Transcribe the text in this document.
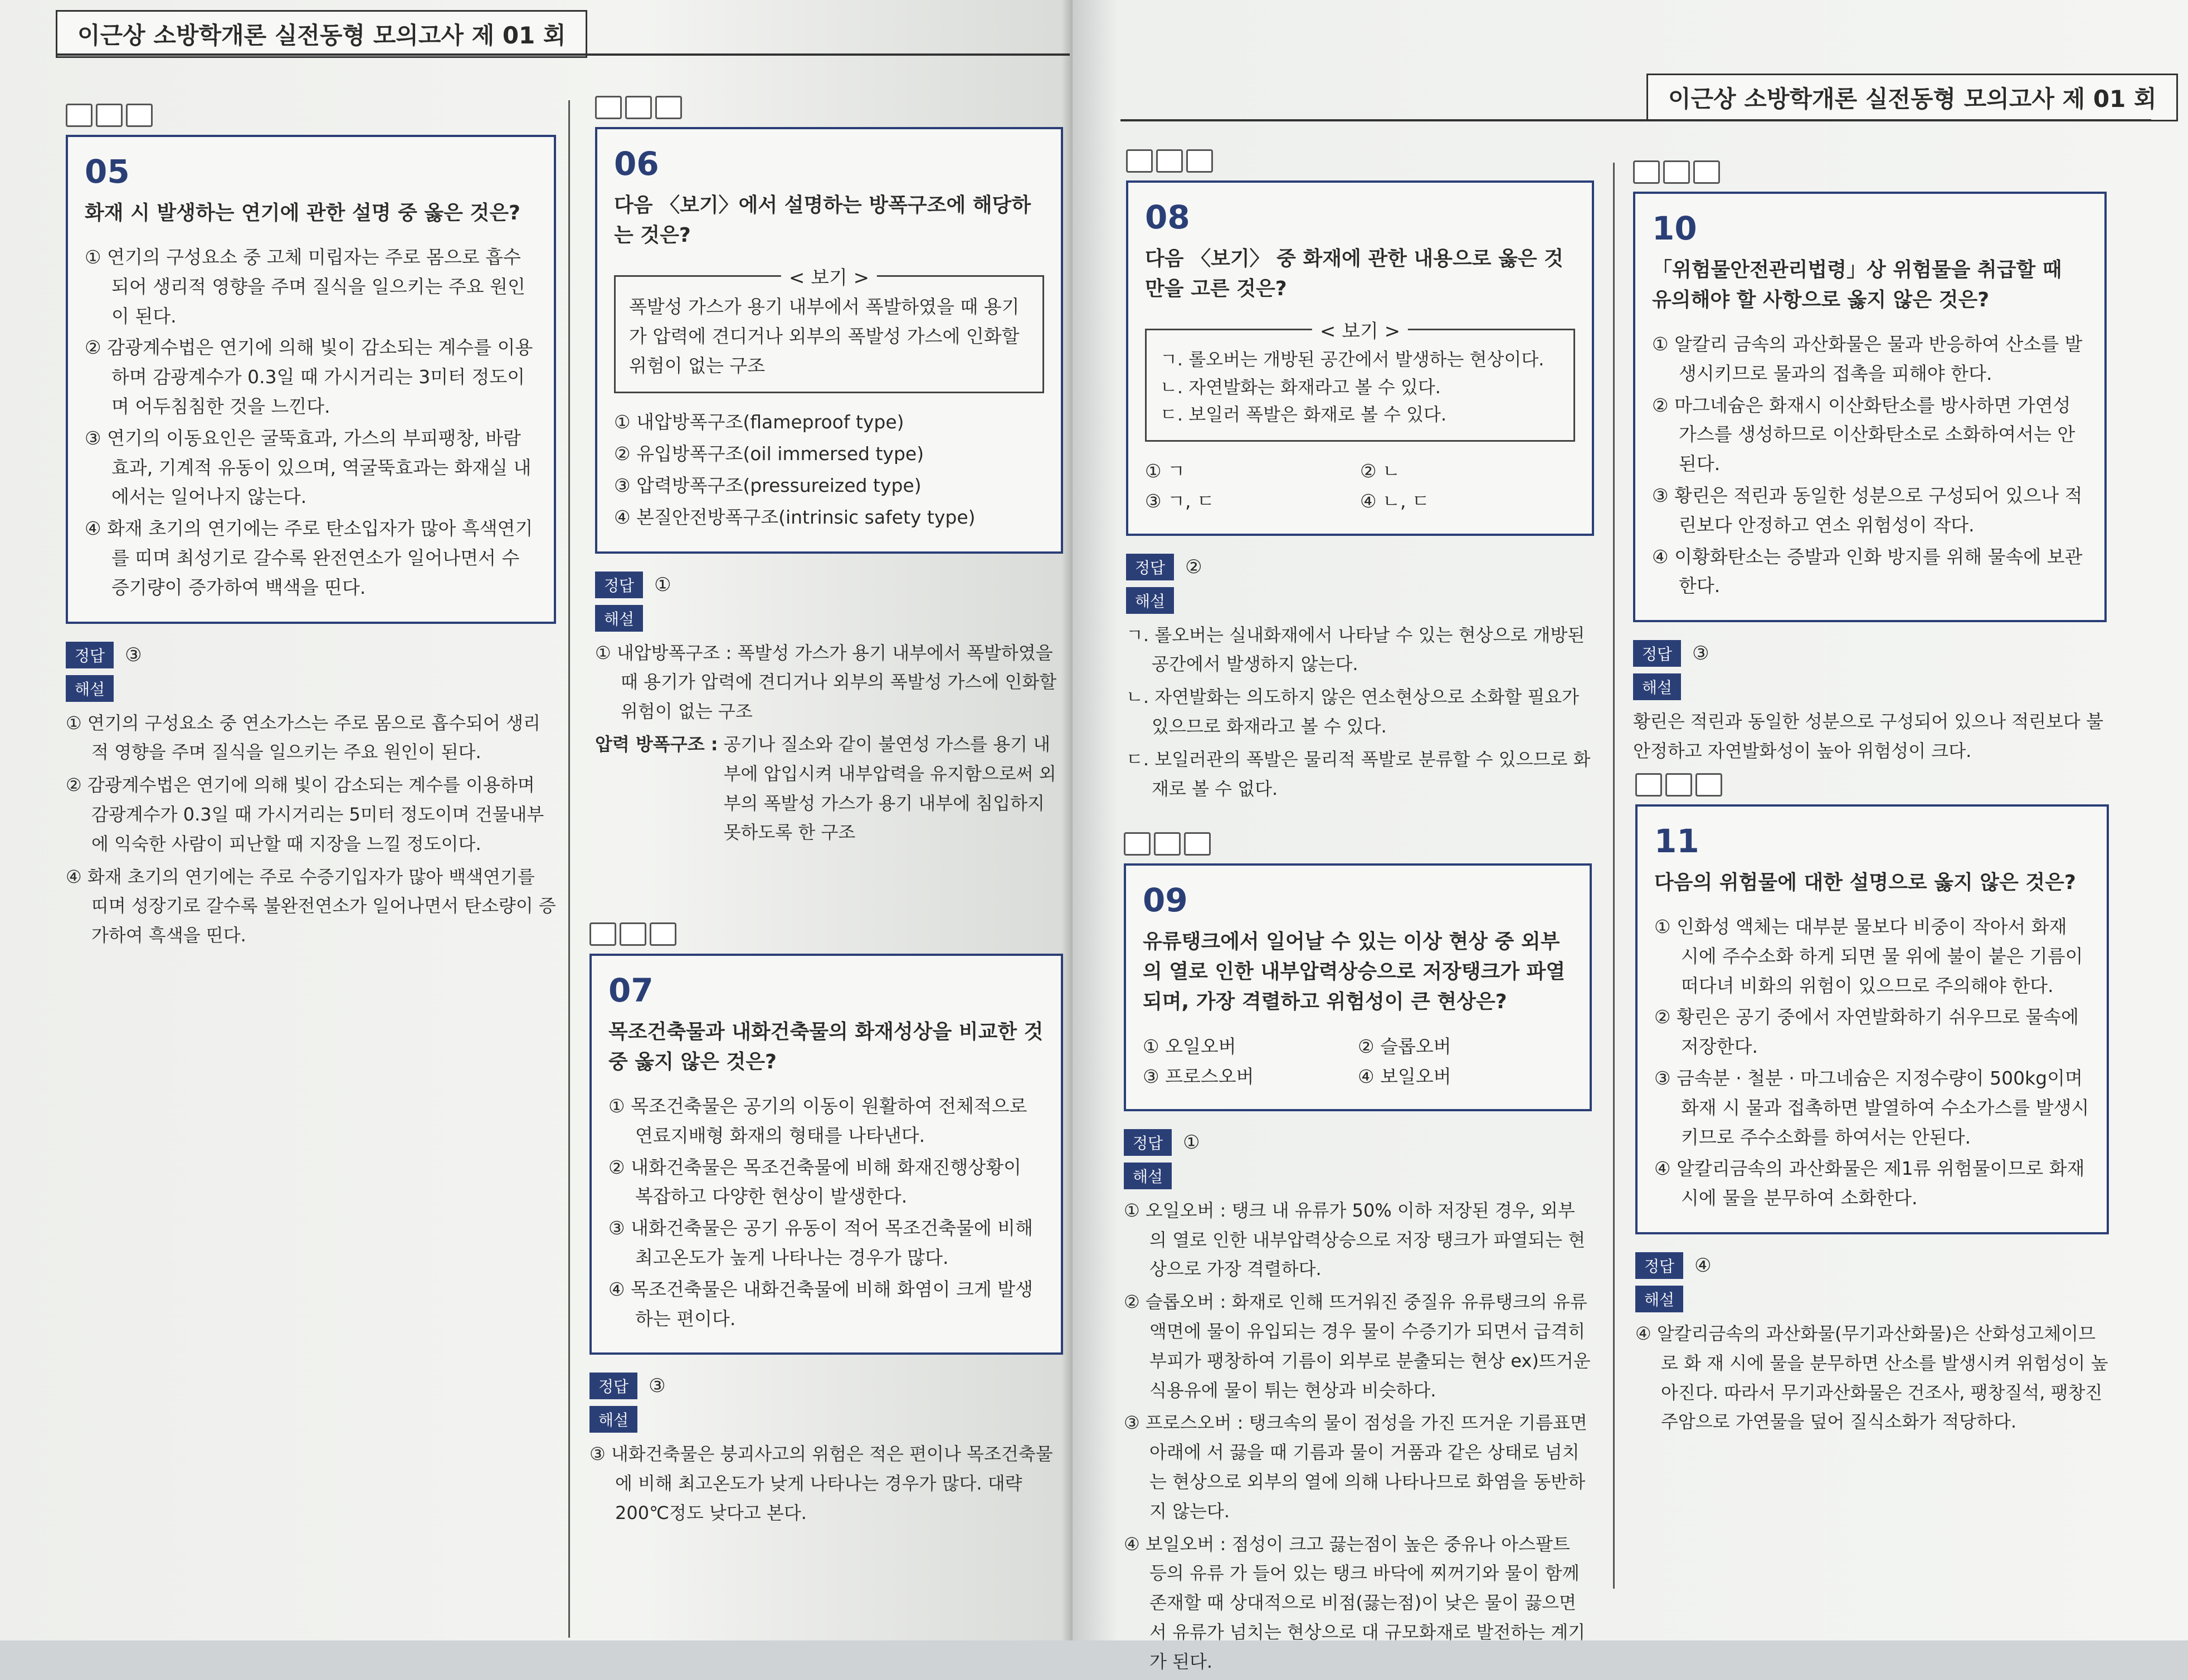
이근상 소방학개론 실전동형 모의고사 제 01 회
05
화재 시 발생하는 연기에 관한 설명 중 옳은 것은?
① 연기의 구성요소 중 고체 미립자는 주로 몸으로 흡수되어 생리적 영향을 주며 질식을 일으키는 주요 원인이 된다.
② 감광계수법은 연기에 의해 빛이 감소되는 계수를 이용하며 감광계수가 0.3일 때 가시거리는 3미터 정도이며 어두침침한 것을 느낀다.
③ 연기의 이동요인은 굴뚝효과, 가스의 부피팽창, 바람효과, 기계적 유동이 있으며, 역굴뚝효과는 화재실 내에서는 일어나지 않는다.
④ 화재 초기의 연기에는 주로 탄소입자가 많아 흑색연기를 띠며 최성기로 갈수록 완전연소가 일어나면서 수증기량이 증가하여 백색을 띤다.
정답	③
해설
① 연기의 구성요소 중 연소가스는 주로 몸으로 흡수되어 생리적 영향을 주며 질식을 일으키는 주요 원인이 된다.
② 감광계수법은 연기에 의해 빛이 감소되는 계수를 이용하며 감광계수가 0.3일 때 가시거리는 5미터 정도이며 건물내부에 익숙한 사람이 피난할 때 지장을 느낄 정도이다.
④ 화재 초기의 연기에는 주로 수증기입자가 많아 백색연기를 띠며 성장기로 갈수록 불완전연소가 일어나면서 탄소량이 증가하여 흑색을 띤다.
06
다음 〈보기〉에서 설명하는 방폭구조에 해당하는 것은?
< 보기 >
폭발성 가스가 용기 내부에서 폭발하였을 때 용기가 압력에 견디거나 외부의 폭발성 가스에 인화할 위험이 없는 구조
① 내압방폭구조(flameproof type)
② 유입방폭구조(oil immersed type)
③ 압력방폭구조(pressureized type)
④ 본질안전방폭구조(intrinsic safety type)
정답	①
해설
① 내압방폭구조 : 폭발성 가스가 용기 내부에서 폭발하였을 때 용기가 압력에 견디거나 외부의 폭발성 가스에 인화할 위험이 없는 구조
압력 방폭구조 : 공기나 질소와 같이 불연성 가스를 용기 내부에 압입시켜 내부압력을 유지함으로써 외부의 폭발성 가스가 용기 내부에 침입하지 못하도록 한 구조
07
목조건축물과 내화건축물의 화재성상을 비교한 것 중 옳지 않은 것은?
① 목조건축물은 공기의 이동이 원활하여 전체적으로 연료지배형 화재의 형태를 나타낸다.
② 내화건축물은 목조건축물에 비해 화재진행상황이 복잡하고 다양한 현상이 발생한다.
③ 내화건축물은 공기 유동이 적어 목조건축물에 비해 최고온도가 높게 나타나는 경우가 많다.
④ 목조건축물은 내화건축물에 비해 화염이 크게 발생하는 편이다.
정답	③
해설
③ 내화건축물은 붕괴사고의 위험은 적은 편이나 목조건축물에 비해 최고온도가 낮게 나타나는 경우가 많다. 대략 200℃정도 낮다고 본다.
이근상 소방학개론 실전동형 모의고사 제 01 회
08
다음 〈보기〉 중 화재에 관한 내용으로 옳은 것만을 고른 것은?
< 보기 >
ㄱ. 롤오버는 개방된 공간에서 발생하는 현상이다.
ㄴ. 자연발화는 화재라고 볼 수 있다.
ㄷ. 보일러 폭발은 화재로 볼 수 있다.
① ㄱ	② ㄴ
③ ㄱ, ㄷ	④ ㄴ, ㄷ
정답	②
해설
ㄱ. 롤오버는 실내화재에서 나타날 수 있는 현상으로 개방된 공간에서 발생하지 않는다.
ㄴ. 자연발화는 의도하지 않은 연소현상으로 소화할 필요가 있으므로 화재라고 볼 수 있다.
ㄷ. 보일러관의 폭발은 물리적 폭발로 분류할 수 있으므로 화재로 볼 수 없다.
09
유류탱크에서 일어날 수 있는 이상 현상 중 외부의 열로 인한 내부압력상승으로 저장탱크가 파열되며, 가장 격렬하고 위험성이 큰 현상은?
① 오일오버	② 슬롭오버
③ 프로스오버	④ 보일오버
정답	①
해설
① 오일오버 : 탱크 내 유류가 50% 이하 저장된 경우, 외부의 열로 인한 내부압력상승으로 저장 탱크가 파열되는 현상으로 가장 격렬하다.
② 슬롭오버 : 화재로 인해 뜨거워진 중질유 유류탱크의 유류 액면에 물이 유입되는 경우 물이 수증기가 되면서 급격히 부피가 팽창하여 기름이 외부로 분출되는 현상 ex)뜨거운 식용유에 물이 튀는 현상과 비슷하다.
③ 프로스오버 : 탱크속의 물이 점성을 가진 뜨거운 기름표면 아래에 서 끓을 때 기름과 물이 거품과 같은 상태로 넘치는 현상으로 외부의 열에 의해 나타나므로 화염을 동반하지 않는다.
④ 보일오버 : 점성이 크고 끓는점이 높은 중유나 아스팔트 등의 유류 가 들어 있는 탱크 바닥에 찌꺼기와 물이 함께 존재할 때 상대적으로 비점(끓는점)이 낮은 물이 끓으면서 유류가 넘치는 현상으로 대 규모화재로 발전하는 계기가 된다.
10
「위험물안전관리법령」상 위험물을 취급할 때 유의해야 할 사항으로 옳지 않은 것은?
① 알칼리 금속의 과산화물은 물과 반응하여 산소를 발생시키므로 물과의 접촉을 피해야 한다.
② 마그네슘은 화재시 이산화탄소를 방사하면 가연성 가스를 생성하므로 이산화탄소로 소화하여서는 안된다.
③ 황린은 적린과 동일한 성분으로 구성되어 있으나 적린보다 안정하고 연소 위험성이 작다.
④ 이황화탄소는 증발과 인화 방지를 위해 물속에 보관한다.
정답	③
해설
황린은 적린과 동일한 성분으로 구성되어 있으나 적린보다 불안정하고 자연발화성이 높아 위험성이 크다.
11
다음의 위험물에 대한 설명으로 옳지 않은 것은?
① 인화성 액체는 대부분 물보다 비중이 작아서 화재 시에 주수소화 하게 되면 물 위에 불이 붙은 기름이 떠다녀 비화의 위험이 있으므로 주의해야 한다.
② 황린은 공기 중에서 자연발화하기 쉬우므로 물속에 저장한다.
③ 금속분 · 철분 · 마그네슘은 지정수량이 500kg이며 화재 시 물과 접촉하면 발열하여 수소가스를 발생시키므로 주수소화를 하여서는 안된다.
④ 알칼리금속의 과산화물은 제1류 위험물이므로 화재 시에 물을 분무하여 소화한다.
정답	④
해설
④ 알칼리금속의 과산화물(무기과산화물)은 산화성고체이므로 화 재 시에 물을 분무하면 산소를 발생시켜 위험성이 높아진다. 따라서 무기과산화물은 건조사, 팽창질석, 팽창진주암으로 가연물을 덮어 질식소화가 적당하다.
